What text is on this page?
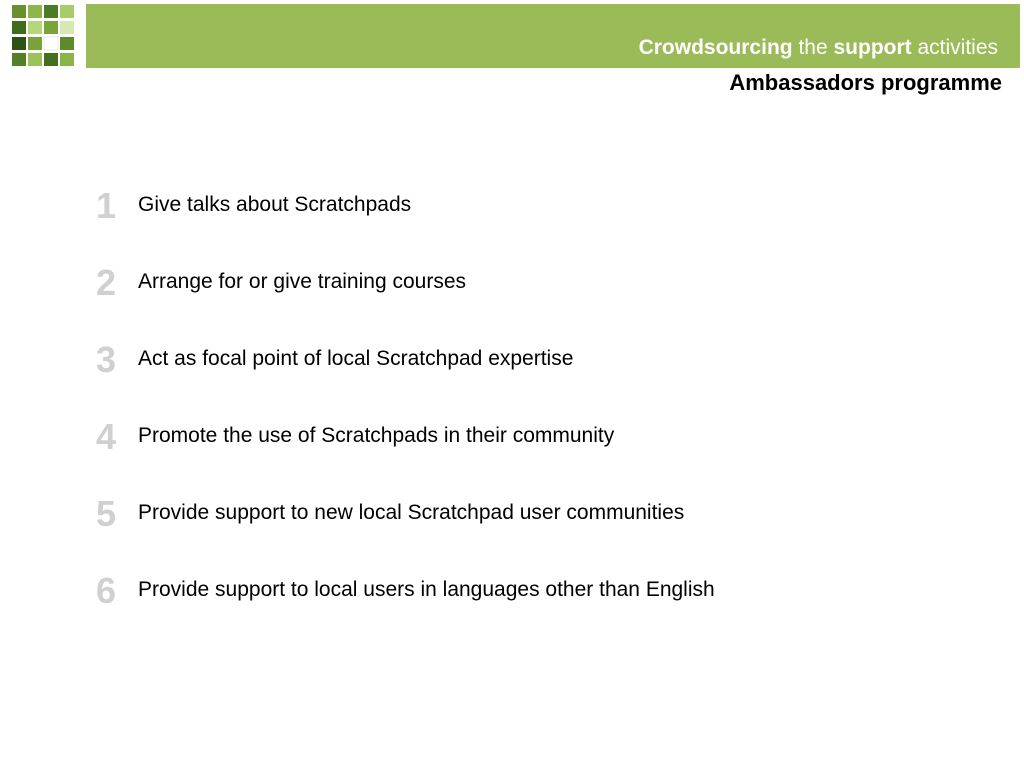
Crowdsourcing the support activities
Ambassadors programme
1	Give talks about Scratchpads
2	Arrange for or give training courses
3	Act as focal point of local Scratchpad expertise
4	Promote the use of Scratchpads in their community
5	Provide support to new local Scratchpad user communities
6	Provide support to local users in languages other than English
